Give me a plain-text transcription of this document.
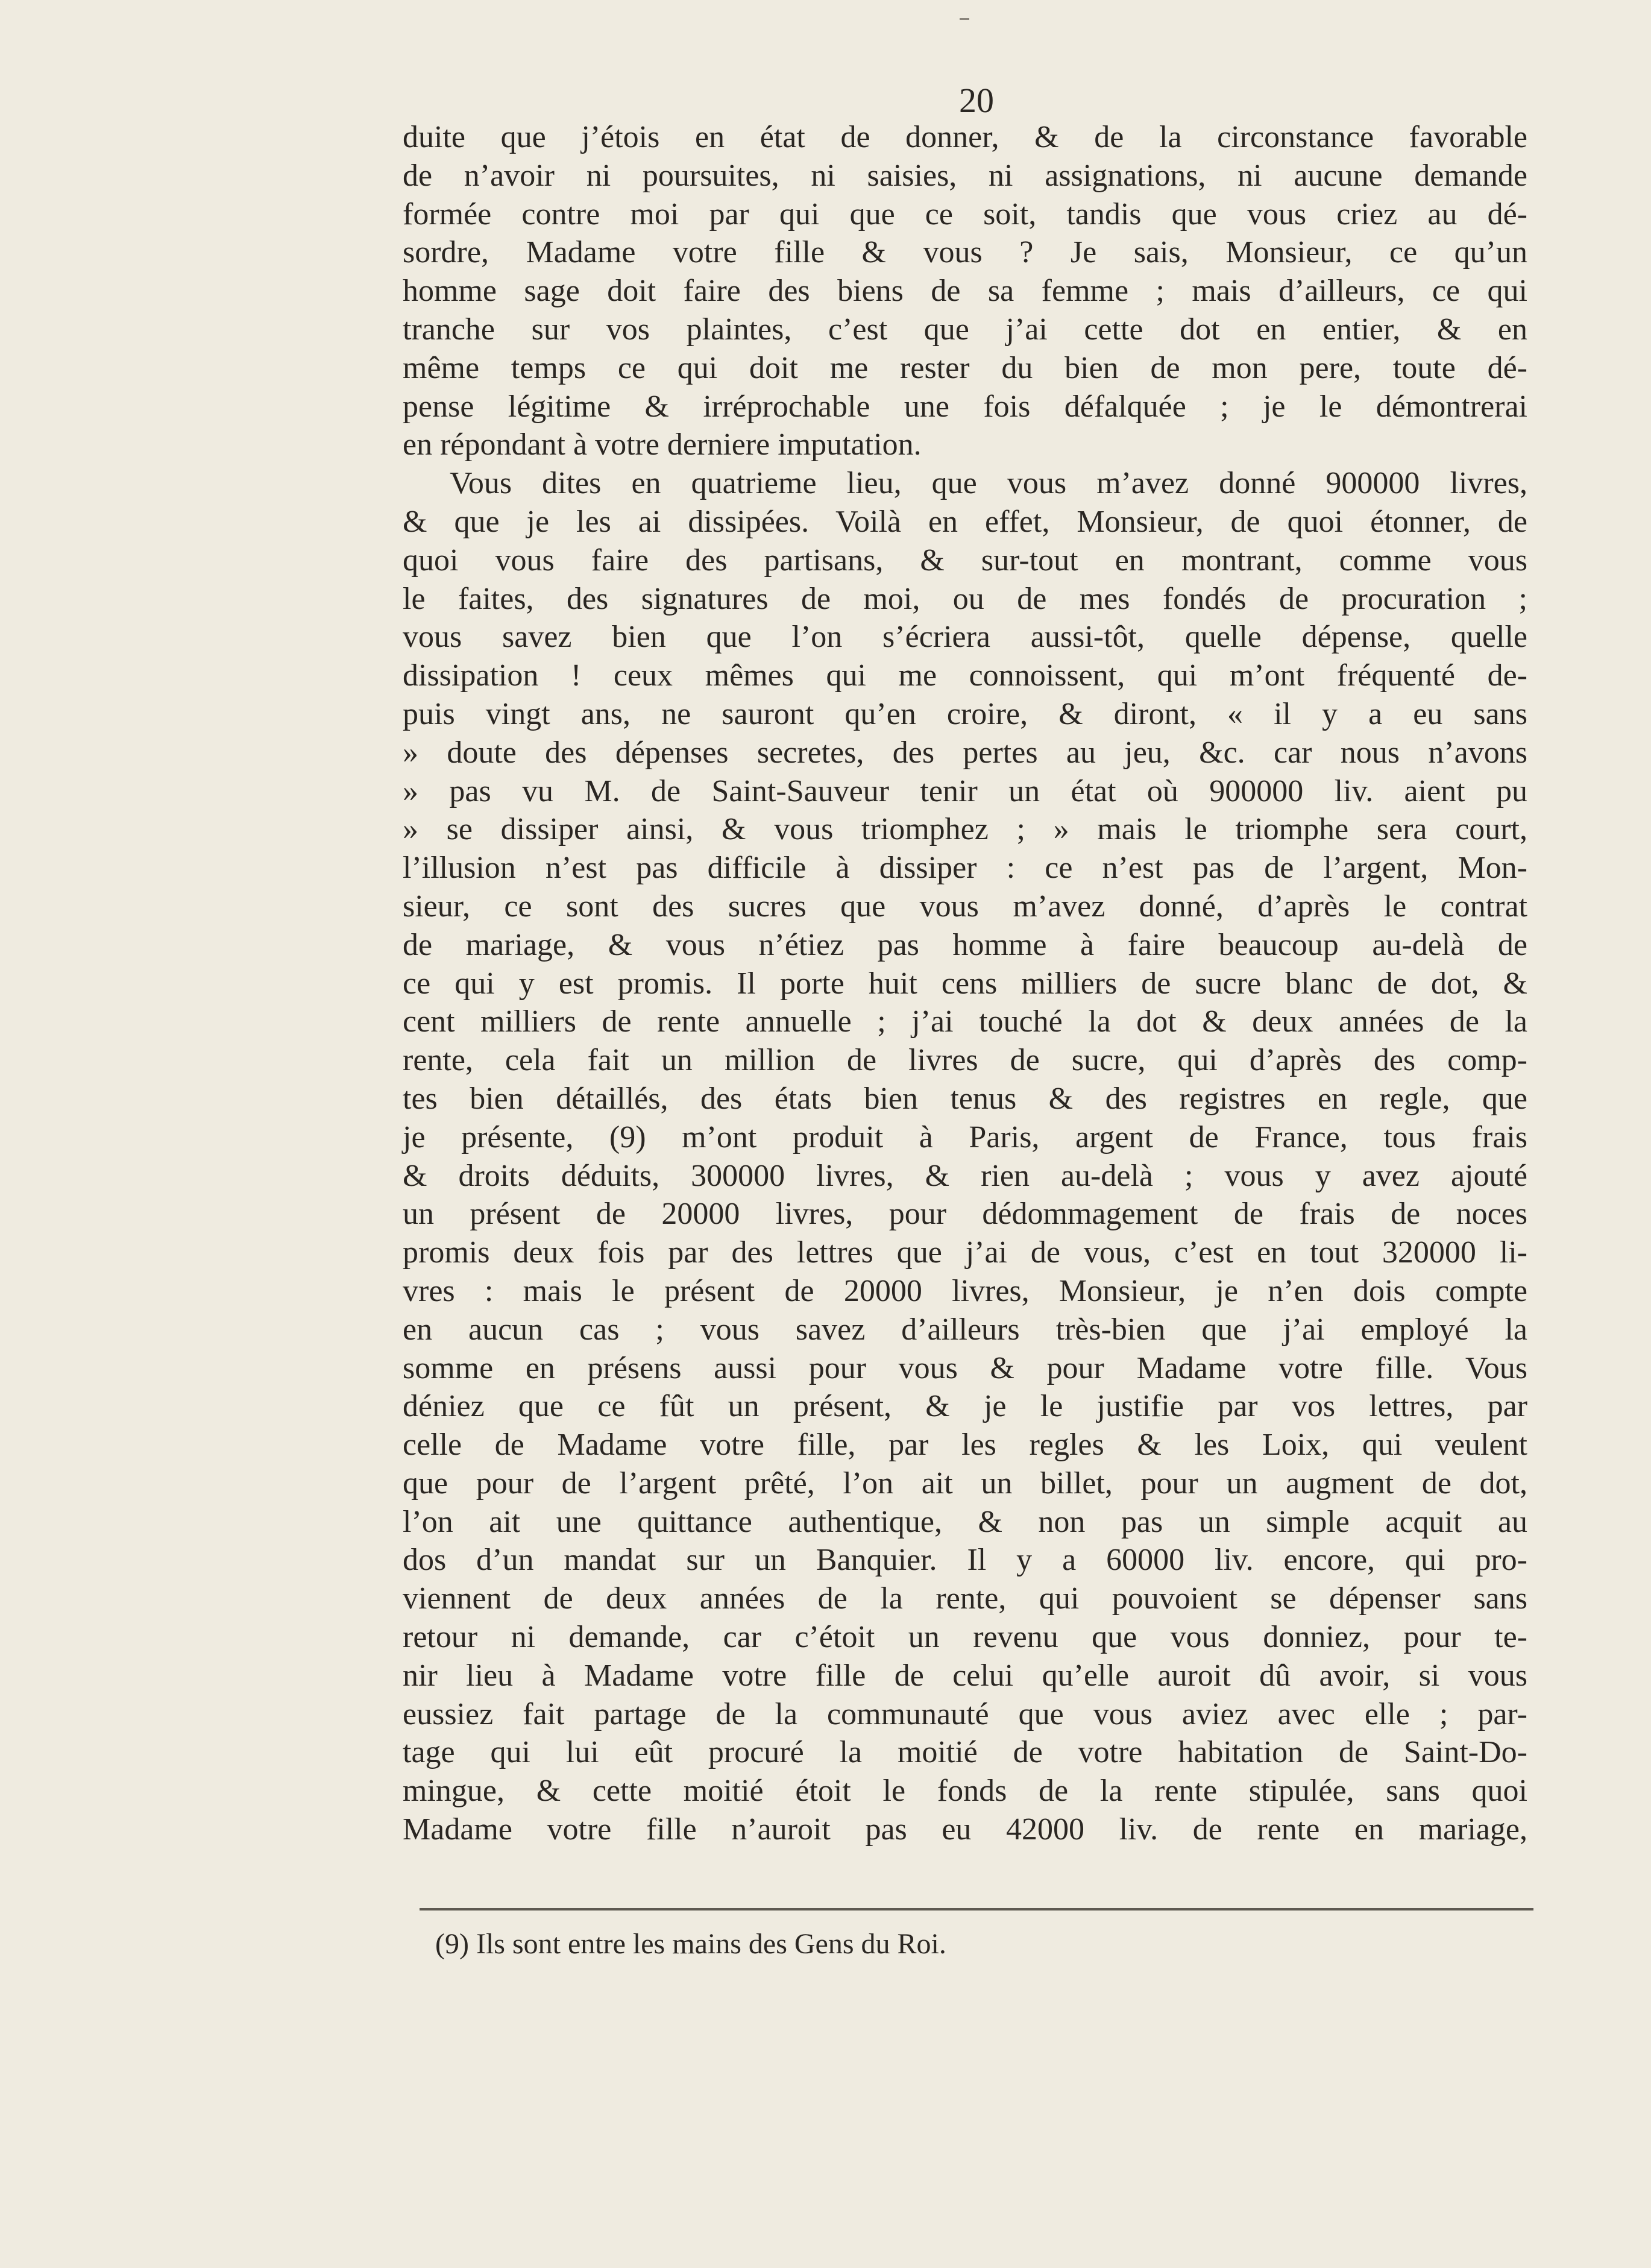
20
duite que j’étois en état de donner, & de la circonstance favorable
de n’avoir ni poursuites, ni saisies, ni assignations, ni aucune demande
formée contre moi par qui que ce soit, tandis que vous criez au dé-
sordre, Madame votre fille & vous ? Je sais, Monsieur, ce qu’un
homme sage doit faire des biens de sa femme ; mais d’ailleurs, ce qui
tranche sur vos plaintes, c’est que j’ai cette dot en entier, & en
même temps ce qui doit me rester du bien de mon pere, toute dé-
pense légitime & irréprochable une fois défalquée ; je le démontrerai
en répondant à votre derniere imputation.
Vous dites en quatrieme lieu, que vous m’avez donné 900000 livres,
& que je les ai dissipées. Voilà en effet, Monsieur, de quoi étonner, de
quoi vous faire des partisans, & sur-tout en montrant, comme vous
le faites, des signatures de moi, ou de mes fondés de procuration ;
vous savez bien que l’on s’écriera aussi-tôt, quelle dépense, quelle
dissipation ! ceux mêmes qui me connoissent, qui m’ont fréquenté de-
puis vingt ans, ne sauront qu’en croire, & diront, « il y a eu sans
» doute des dépenses secretes, des pertes au jeu, &c. car nous n’avons
» pas vu M. de Saint-Sauveur tenir un état où 900000 liv. aient pu
» se dissiper ainsi, & vous triomphez ; » mais le triomphe sera court,
l’illusion n’est pas difficile à dissiper : ce n’est pas de l’argent, Mon-
sieur, ce sont des sucres que vous m’avez donné, d’après le contrat
de mariage, & vous n’étiez pas homme à faire beaucoup au-delà de
ce qui y est promis. Il porte huit cens milliers de sucre blanc de dot, &
cent milliers de rente annuelle ; j’ai touché la dot & deux années de la
rente, cela fait un million de livres de sucre, qui d’après des comp-
tes bien détaillés, des états bien tenus & des registres en regle, que
je présente, (9) m’ont produit à Paris, argent de France, tous frais
& droits déduits, 300000 livres, & rien au-delà ; vous y avez ajouté
un présent de 20000 livres, pour dédommagement de frais de noces
promis deux fois par des lettres que j’ai de vous, c’est en tout 320000 li-
vres : mais le présent de 20000 livres, Monsieur, je n’en dois compte
en aucun cas ; vous savez d’ailleurs très-bien que j’ai employé la
somme en présens aussi pour vous & pour Madame votre fille. Vous
déniez que ce fût un présent, & je le justifie par vos lettres, par
celle de Madame votre fille, par les regles & les Loix, qui veulent
que pour de l’argent prêté, l’on ait un billet, pour un augment de dot,
l’on ait une quittance authentique, & non pas un simple acquit au
dos d’un mandat sur un Banquier. Il y a 60000 liv. encore, qui pro-
viennent de deux années de la rente, qui pouvoient se dépenser sans
retour ni demande, car c’étoit un revenu que vous donniez, pour te-
nir lieu à Madame votre fille de celui qu’elle auroit dû avoir, si vous
eussiez fait partage de la communauté que vous aviez avec elle ; par-
tage qui lui eût procuré la moitié de votre habitation de Saint-Do-
mingue, & cette moitié étoit le fonds de la rente stipulée, sans quoi
Madame votre fille n’auroit pas eu 42000 liv. de rente en mariage,
(9) Ils sont entre les mains des Gens du Roi.
